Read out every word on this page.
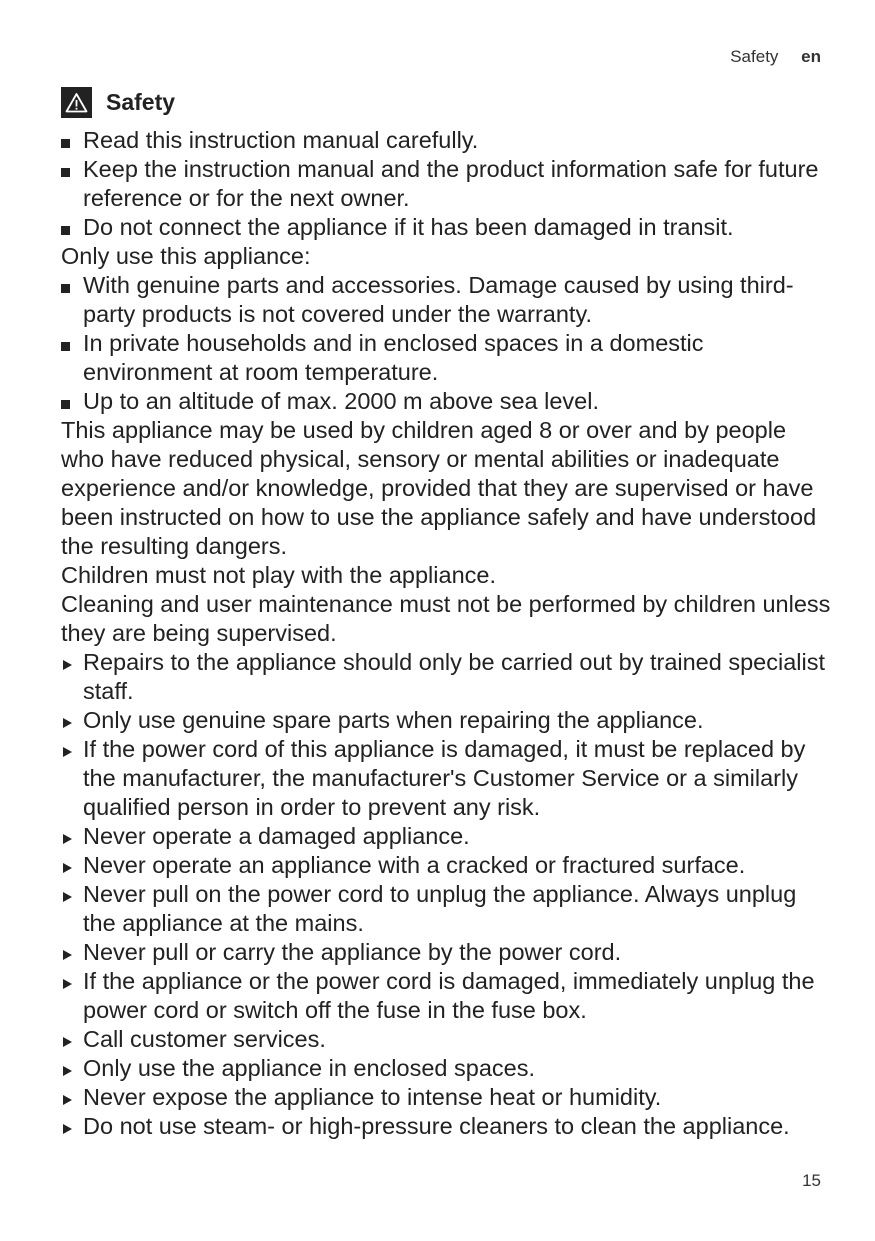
Safety en
Safety
Read this instruction manual carefully.
Keep the instruction manual and the product information safe for future reference or for the next owner.
Do not connect the appliance if it has been damaged in transit.
Only use this appliance:
With genuine parts and accessories. Damage caused by using third-party products is not covered under the warranty.
In private households and in enclosed spaces in a domestic environment at room temperature.
Up to an altitude of max. 2000 m above sea level.
This appliance may be used by children aged 8 or over and by people who have reduced physical, sensory or mental abilities or inadequate experience and/or knowledge, provided that they are supervised or have been instructed on how to use the appliance safely and have understood the resulting dangers.
Children must not play with the appliance.
Cleaning and user maintenance must not be performed by children unless they are being supervised.
Repairs to the appliance should only be carried out by trained specialist staff.
Only use genuine spare parts when repairing the appliance.
If the power cord of this appliance is damaged, it must be replaced by the manufacturer, the manufacturer's Customer Service or a similarly qualified person in order to prevent any risk.
Never operate a damaged appliance.
Never operate an appliance with a cracked or fractured surface.
Never pull on the power cord to unplug the appliance. Always unplug the appliance at the mains.
Never pull or carry the appliance by the power cord.
If the appliance or the power cord is damaged, immediately unplug the power cord or switch off the fuse in the fuse box.
Call customer services.
Only use the appliance in enclosed spaces.
Never expose the appliance to intense heat or humidity.
Do not use steam- or high-pressure cleaners to clean the appliance.
15
